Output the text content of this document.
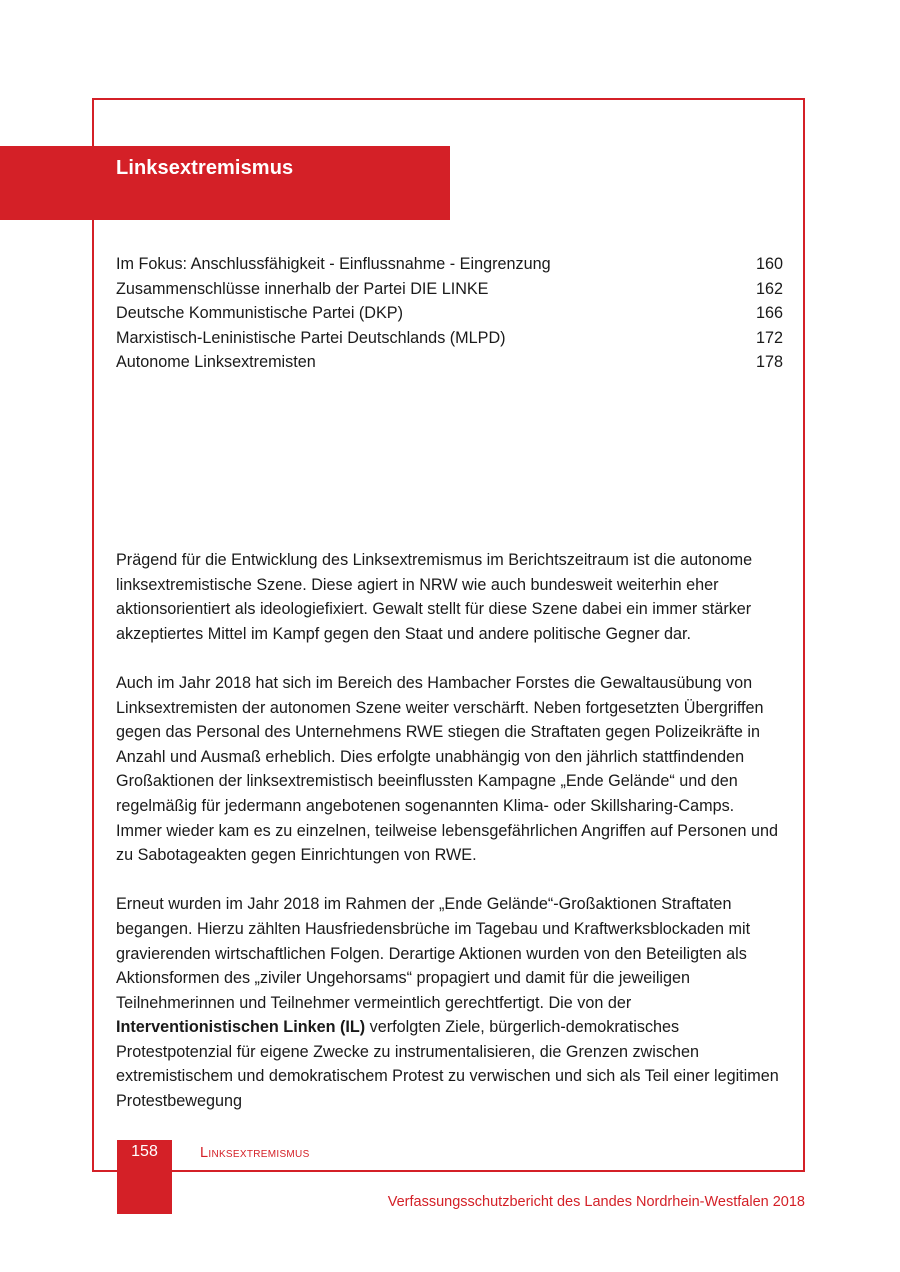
Linksextremismus
Im Fokus: Anschlussfähigkeit - Einflussnahme - Eingrenzung	160
Zusammenschlüsse innerhalb der Partei DIE LINKE	162
Deutsche Kommunistische Partei (DKP)	166
Marxistisch-Leninistische Partei Deutschlands (MLPD)	172
Autonome Linksextremisten	178

Prägend für die Entwicklung des Linksextremismus im Berichtszeitraum ist die autonome linksextremistische Szene. Diese agiert in NRW wie auch bundesweit weiterhin eher aktionsorientiert als ideologiefixiert. Gewalt stellt für diese Szene dabei ein immer stärker akzeptiertes Mittel im Kampf gegen den Staat und andere politische Gegner dar.

Auch im Jahr 2018 hat sich im Bereich des Hambacher Forstes die Gewaltausübung von Linksextremisten der autonomen Szene weiter verschärft. Neben fortgesetzten Übergriffen gegen das Personal des Unternehmens RWE stiegen die Straftaten gegen Polizeikräfte in Anzahl und Ausmaß erheblich. Dies erfolgte unabhängig von den jährlich stattfindenden Großaktionen der linksextremistisch beeinflussten Kampagne „Ende Gelände“ und den regelmäßig für jedermann angebotenen sogenannten Klima- oder Skillsharing-Camps. Immer wieder kam es zu einzelnen, teilweise lebensgefährlichen Angriffen auf Personen und zu Sabotageakten gegen Einrichtungen von RWE.

Erneut wurden im Jahr 2018 im Rahmen der „Ende Gelände“-Großaktionen Straftaten begangen. Hierzu zählten Hausfriedensbrüche im Tagebau und Kraftwerksblockaden mit gravierenden wirtschaftlichen Folgen. Derartige Aktionen wurden von den Beteiligten als Aktionsformen des „ziviler Ungehorsams“ propagiert und damit für die jeweiligen Teilnehmerinnen und Teilnehmer vermeintlich gerechtfertigt. Die von der Interventionistischen Linken (IL) verfolgten Ziele, bürgerlich-demokratisches Protestpotenzial für eigene Zwecke zu instrumentalisieren, die Grenzen zwischen extremistischem und demokratischem Protest zu verwischen und sich als Teil einer legitimen Protestbewegung

158	Linksextremismus
Verfassungsschutzbericht des Landes Nordrhein-Westfalen 2018
